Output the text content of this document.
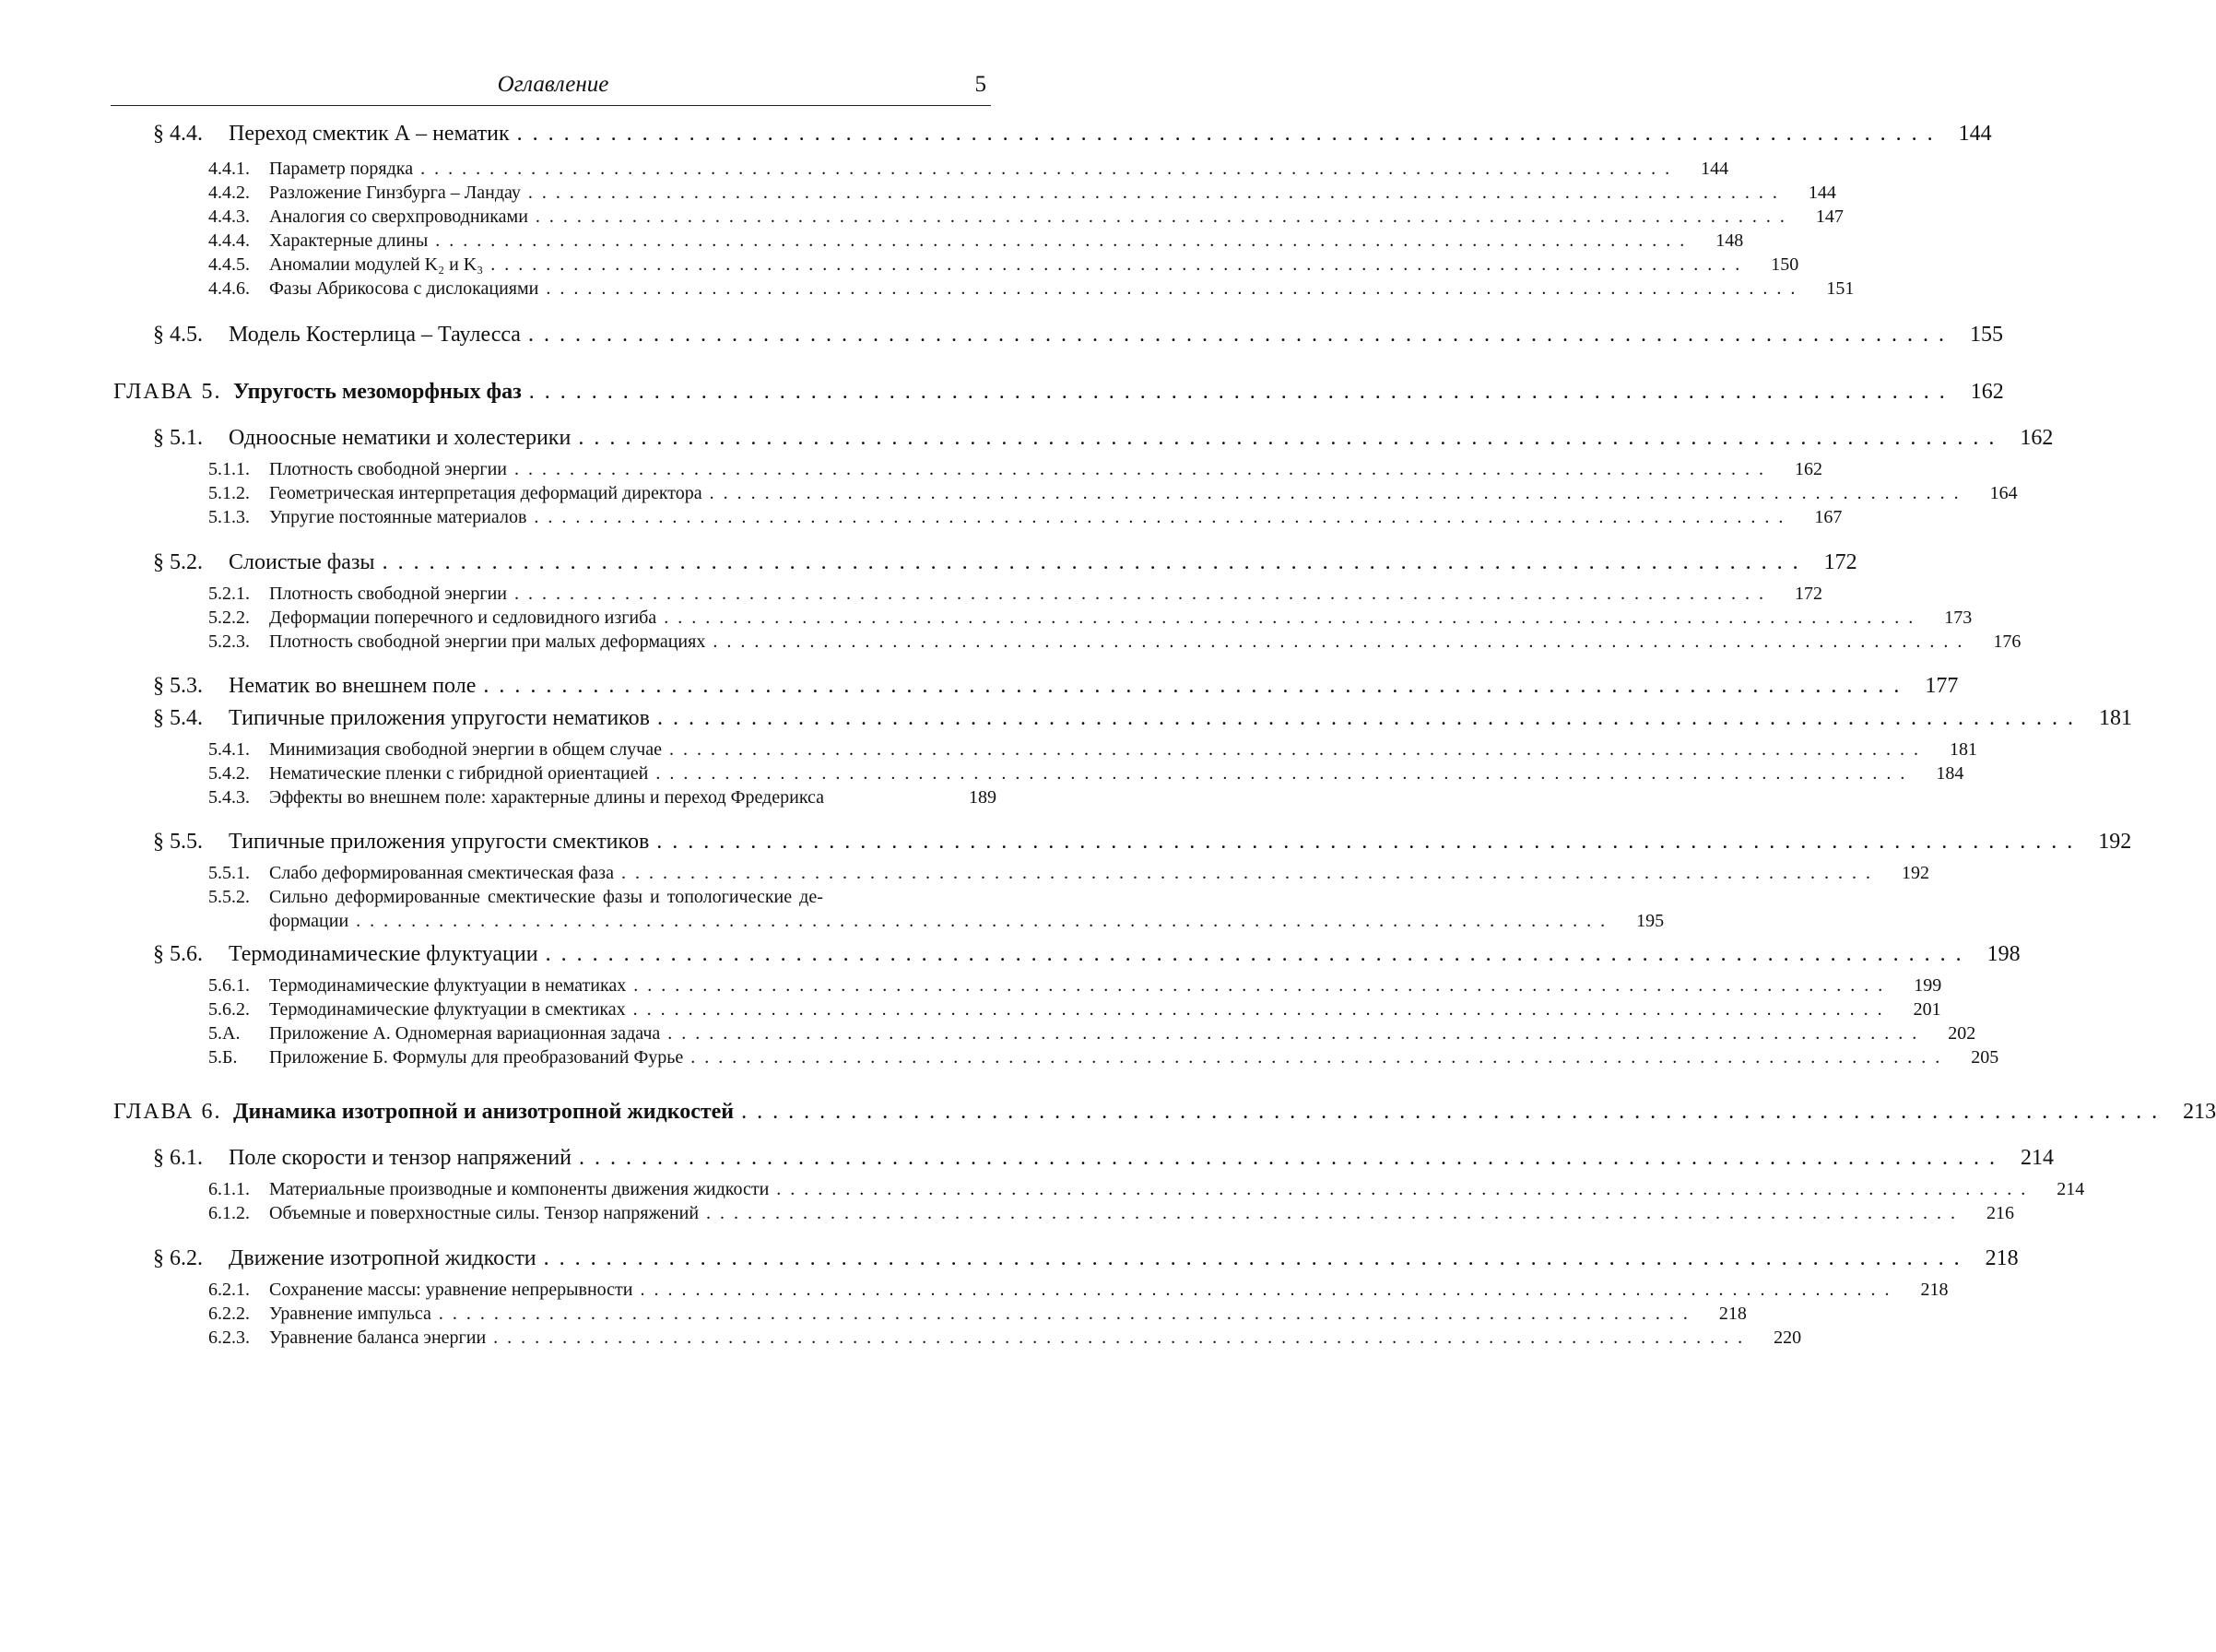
Оглавление	5
§ 4.4.	Переход смектик А – нематик . . .	144
4.4.1.	Параметр порядка . . .	144
4.4.2.	Разложение Гинзбурга – Ландау . . .	144
4.4.3.	Аналогия со сверхпроводниками . . .	147
4.4.4.	Характерные длины . . .	148
4.4.5.	Аномалии модулей K₂ и K₃ . . .	150
4.4.6.	Фазы Абрикосова с дислокациями . . .	151
§ 4.5.	Модель Костерлица – Таулесса . . .	155
ГЛАВА 5. Упругость мезоморфных фаз . . .	162
§ 5.1.	Одноосные нематики и холестерики . . .	162
5.1.1.	Плотность свободной энергии . . .	162
5.1.2.	Геометрическая интерпретация деформаций директора . . .	164
5.1.3.	Упругие постоянные материалов . . .	167
§ 5.2.	Слоистые фазы . . .	172
5.2.1.	Плотность свободной энергии . . .	172
5.2.2.	Деформации поперечного и седловидного изгиба . . .	173
5.2.3.	Плотность свободной энергии при малых деформациях . . .	176
§ 5.3.	Нематик во внешнем поле . . .	177
§ 5.4.	Типичные приложения упругости нематиков . . .	181
5.4.1.	Минимизация свободной энергии в общем случае . . .	181
5.4.2.	Нематические пленки с гибридной ориентацией . . .	184
5.4.3.	Эффекты во внешнем поле: характерные длины и переход Фредерикса	189
§ 5.5.	Типичные приложения упругости смектиков . . .	192
5.5.1.	Слабо деформированная смектическая фаза . . .	192
5.5.2.	Сильно деформированные смектические фазы и топологические де-
формации . . .	195
§ 5.6.	Термодинамические флуктуации . . .	198
5.6.1.	Термодинамические флуктуации в нематиках . . .	199
5.6.2.	Термодинамические флуктуации в смектиках . . .	201
5.А.	Приложение А. Одномерная вариационная задача . . .	202
5.Б.	Приложение Б. Формулы для преобразований Фурье . . .	205
ГЛАВА 6. Динамика изотропной и анизотропной жидкостей . . .	213
§ 6.1.	Поле скорости и тензор напряжений . . .	214
6.1.1.	Материальные производные и компоненты движения жидкости . . .	214
6.1.2.	Объемные и поверхностные силы. Тензор напряжений . . .	216
§ 6.2.	Движение изотропной жидкости . . .	218
6.2.1.	Сохранение массы: уравнение непрерывности . . .	218
6.2.2.	Уравнение импульса . . .	218
6.2.3.	Уравнение баланса энергии . . .	220
